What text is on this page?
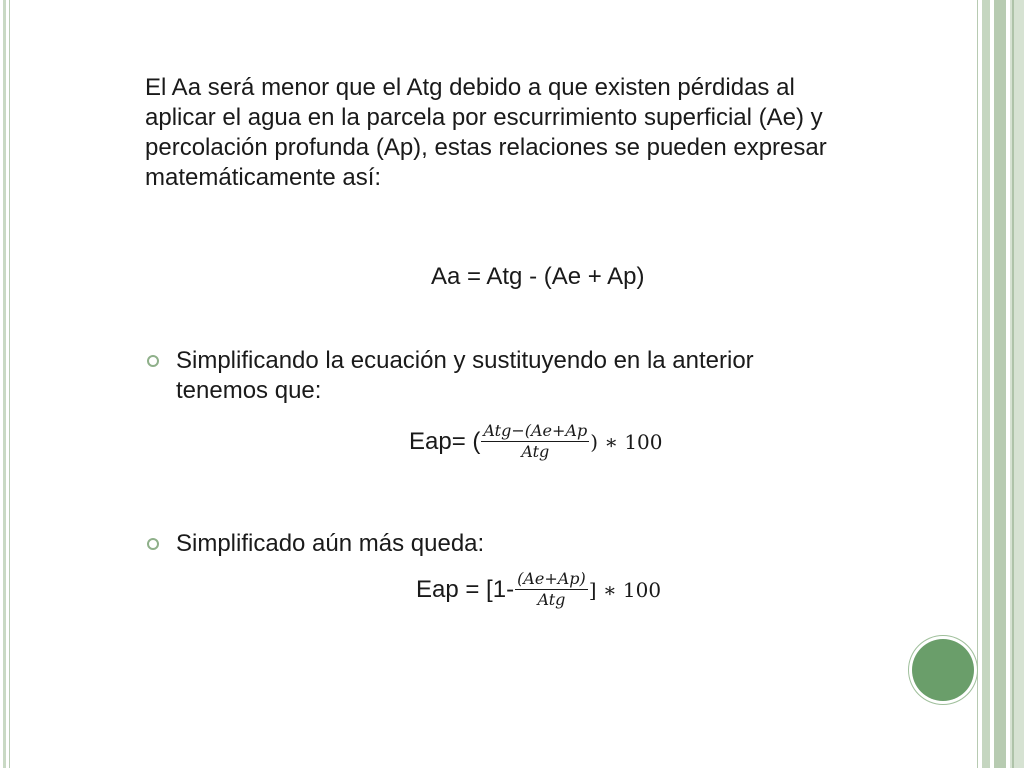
El Aa será menor que el Atg debido a que existen pérdidas al
aplicar el agua en la parcela por escurrimiento superficial (Ae) y
percolación profunda (Ap), estas relaciones se pueden expresar
matemáticamente así:
Aa = Atg - (Ae + Ap)
Simplificando la ecuación y sustituyendo en la anterior
tenemos que:
Eap= ( $\frac{\text{Atg−(Ae+Ap}}{\text{Atg}}$ ) ∗ 100
Simplificado aún más queda:
Eap = [$1- \frac{(Ae+Ap)}{\text{Atg}}$ ] ∗ 100
